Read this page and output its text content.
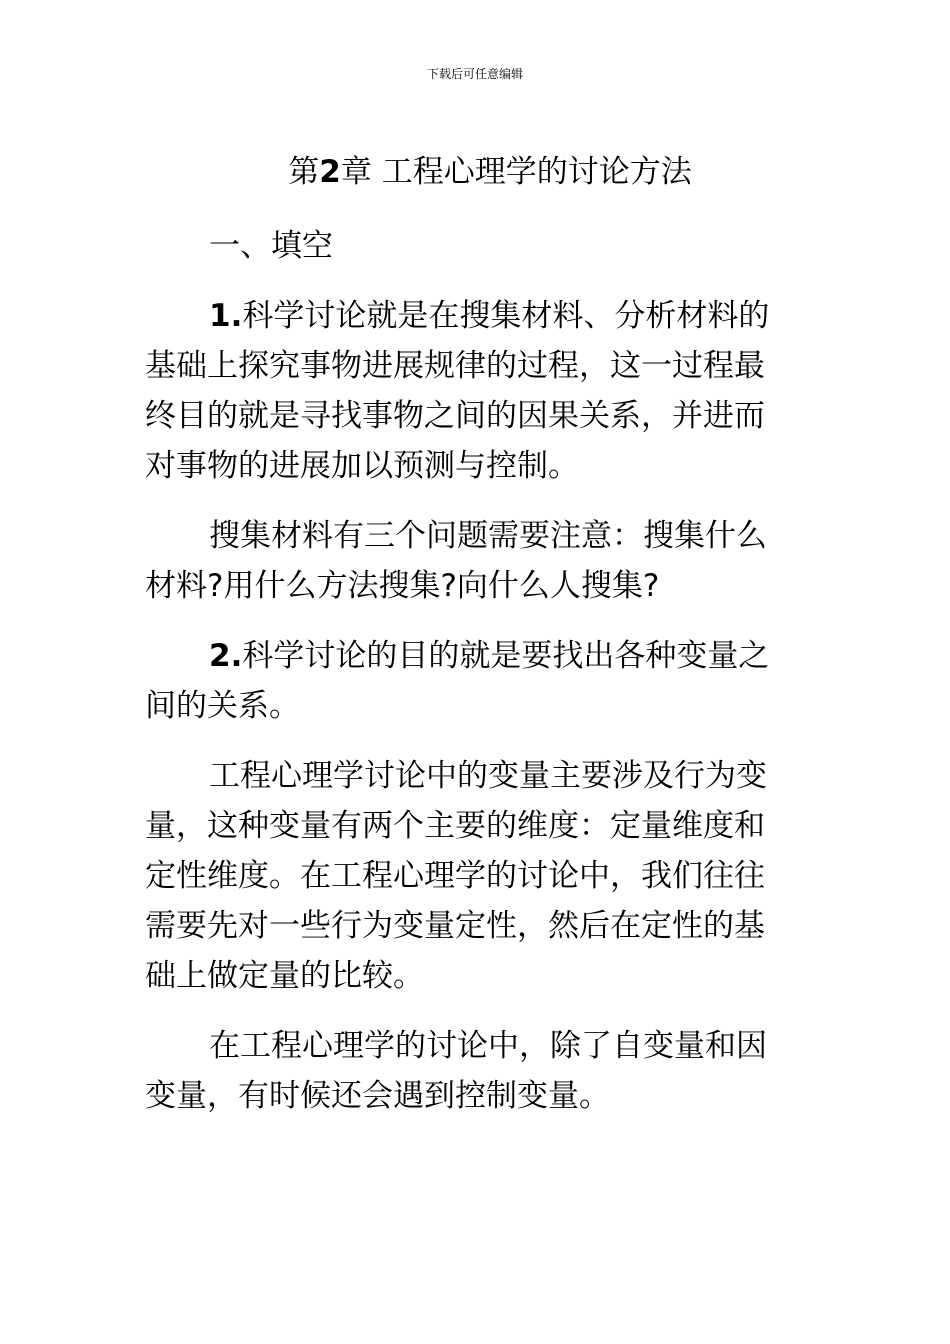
下载后可任意编辑
第2章 工程心理学的讨论方法

一、填空

1.科学讨论就是在搜集材料、分析材料的基础上探究事物进展规律的过程，这一过程最终目的就是寻找事物之间的因果关系，并进而对事物的进展加以预测与控制。

搜集材料有三个问题需要注意：搜集什么材料?用什么方法搜集?向什么人搜集?

2.科学讨论的目的就是要找出各种变量之间的关系。

工程心理学讨论中的变量主要涉及行为变量，这种变量有两个主要的维度：定量维度和定性维度。在工程心理学的讨论中，我们往往需要先对一些行为变量定性，然后在定性的基础上做定量的比较。

在工程心理学的讨论中，除了自变量和因变量，有时候还会遇到控制变量。
